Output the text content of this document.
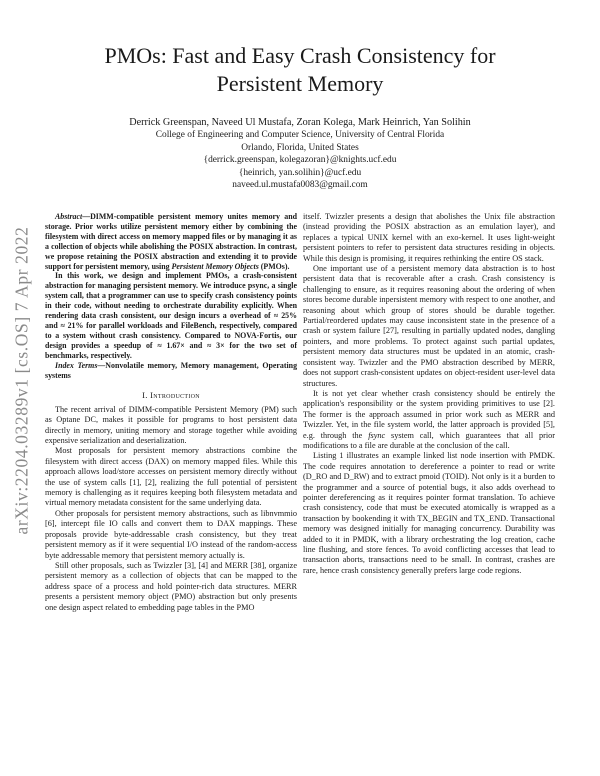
arXiv:2204.03289v1 [cs.OS] 7 Apr 2022
PMOs: Fast and Easy Crash Consistency for Persistent Memory
Derrick Greenspan, Naveed Ul Mustafa, Zoran Kolega, Mark Heinrich, Yan Solihin
College of Engineering and Computer Science, University of Central Florida
Orlando, Florida, United States
{derrick.greenspan, kolegazoran}@knights.ucf.edu
{heinrich, yan.solihin}@ucf.edu
naveed.ul.mustafa0083@gmail.com

Abstract—DIMM-compatible persistent memory unites memory and storage. Prior works utilize persistent memory either by combining the filesystem with direct access on memory mapped files or by managing it as a collection of objects while abolishing the POSIX abstraction. In contrast, we propose retaining the POSIX abstraction and extending it to provide support for persistent memory, using Persistent Memory Objects (PMOs).

In this work, we design and implement PMOs, a crash-consistent abstraction for managing persistent memory. We introduce psync, a single system call, that a programmer can use to specify crash consistency points in their code, without needing to orchestrate durability explicitly. When rendering data crash consistent, our design incurs a overhead of ≈ 25% and ≈ 21% for parallel workloads and FileBench, respectively, compared to a system without crash consistency. Compared to NOVA-Fortis, our design provides a speedup of ≈ 1.67× and ≈ 3× for the two set of benchmarks, respectively.

Index Terms—Nonvolatile memory, Memory management, Operating systems

I. Introduction

The recent arrival of DIMM-compatible Persistent Memory (PM) such as Optane DC, makes it possible for programs to host persistent data directly in memory, uniting memory and storage together while avoiding expensive serialization and deserialization.

Most proposals for persistent memory abstractions combine the filesystem with direct access (DAX) on memory mapped files. While this approach allows load/store accesses on persistent memory directly without the use of system calls [1], [2], realizing the full potential of persistent memory is challenging as it requires keeping both filesystem metadata and virtual memory metadata consistent for the same underlying data.

Other proposals for persistent memory abstractions, such as libnvmmio [6], intercept file IO calls and convert them to DAX mappings. These proposals provide byte-addressable crash consistency, but they treat persistent memory as if it were sequential I/O instead of the random-access byte addressable memory that persistent memory actually is.

Still other proposals, such as Twizzler [3], [4] and MERR [38], organize persistent memory as a collection of objects that can be mapped to the address space of a process and hold pointer-rich data structures. MERR presents a persistent memory object (PMO) abstraction but only presents one design aspect related to embedding page tables in the PMO

itself. Twizzler presents a design that abolishes the Unix file abstraction (instead providing the POSIX abstraction as an emulation layer), and replaces a typical UNIX kernel with an exo-kernel. It uses light-weight persistent pointers to refer to persistent data structures residing in objects. While this design is promising, it requires rethinking the entire OS stack.

One important use of a persistent memory data abstraction is to host persistent data that is recoverable after a crash. Crash consistency is challenging to ensure, as it requires reasoning about the ordering of when stores become durable inpersistent memory with respect to one another, and reasoning about which group of stores should be durable together. Partial/reordered updates may cause inconsistent state in the presence of a crash or system failure [27], resulting in partially updated nodes, dangling pointers, and more problems. To protect against such partial updates, persistent memory data structures must be updated in an atomic, crash-consistent way. Twizzler and the PMO abstraction described by MERR, does not support crash-consistent updates on object-resident user-level data structures.

It is not yet clear whether crash consistency should be entirely the application's responsibility or the system providing primitives to use [2]. The former is the approach assumed in prior work such as MERR and Twizzler. Yet, in the file system world, the latter approach is provided [5], e.g. through the fsync system call, which guarantees that all prior modifications to a file are durable at the conclusion of the call.

Listing 1 illustrates an example linked list node insertion with PMDK. The code requires annotation to dereference a pointer to read or write (D_RO and D_RW) and to extract pmoid (TOID). Not only is it a burden to the programmer and a source of potential bugs, it also adds overhead to pointer dereferencing as it requires pointer format translation. To achieve crash consistency, code that must be executed atomically is wrapped as a transaction by bookending it with TX_BEGIN and TX_END. Transactional memory was designed initially for managing concurrency. Durability was added to it in PMDK, with a library orchestrating the log creation, cache line flushing, and store fences. To avoid conflicting accesses that lead to transaction aborts, transactions need to be small. In contrast, crashes are rare, hence crash consistency generally prefers large code regions.
